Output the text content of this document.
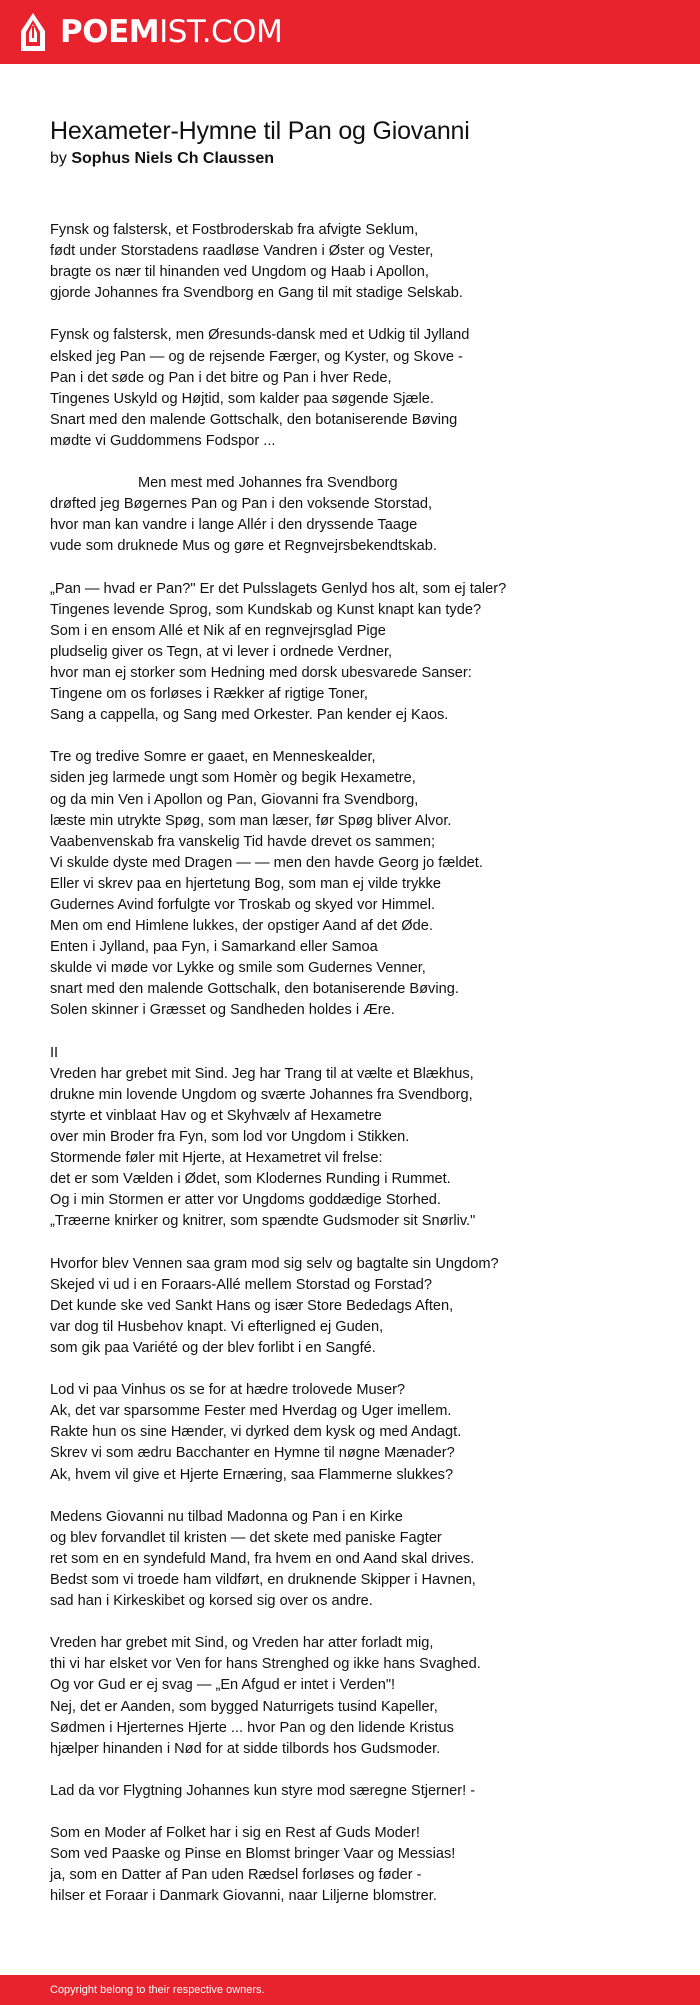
POEMIST.COM
Hexameter-Hymne til Pan og Giovanni
by Sophus Niels Ch Claussen
Fynsk og falstersk, et Fostbroderskab fra afvigte Seklum,
født under Storstadens raadløse Vandren i Øster og Vester,
bragte os nær til hinanden ved Ungdom og Haab i Apollon,
gjorde Johannes fra Svendborg en Gang til mit stadige Selskab.
Fynsk og falstersk, men Øresunds-dansk med et Udkig til Jylland
elsked jeg Pan — og de rejsende Færger, og Kyster, og Skove -
Pan i det søde og Pan i det bitre og Pan i hver Rede,
Tingenes Uskyld og Højtid, som kalder paa søgende Sjæle.
Snart med den malende Gottschalk, den botaniserende Bøving
mødte vi Guddommens Fodspor ...
Men mest med Johannes fra Svendborg
drøfted jeg Bøgernes Pan og Pan i den voksende Storstad,
hvor man kan vandre i lange Allér i den dryssende Taage
vude som druknede Mus og gøre et Regnvejrsbekendtskab.
„Pan — hvad er Pan?" Er det Pulsslagets Genlyd hos alt, som ej taler?
Tingenes levende Sprog, som Kundskab og Kunst knapt kan tyde?
Som i en ensom Allé et Nik af en regnvejrsglad Pige
pludselig giver os Tegn, at vi lever i ordnede Verdner,
hvor man ej storker som Hedning med dorsk ubesvarede Sanser:
Tingene om os forløses i Rækker af rigtige Toner,
Sang a cappella, og Sang med Orkester. Pan kender ej Kaos.
Tre og tredive Somre er gaaet, en Menneskealder,
siden jeg larmede ungt som Homèr og begik Hexametre,
og da min Ven i Apollon og Pan, Giovanni fra Svendborg,
læste min utrykte Spøg, som man læser, før Spøg bliver Alvor.
Vaabenvenskab fra vanskelig Tid havde drevet os sammen;
Vi skulde dyste med Dragen — — men den havde Georg jo fældet.
Eller vi skrev paa en hjertetung Bog, som man ej vilde trykke
Gudernes Avind forfulgte vor Troskab og skyed vor Himmel.
Men om end Himlene lukkes, der opstiger Aand af det Øde.
Enten i Jylland, paa Fyn, i Samarkand eller Samoa
skulde vi møde vor Lykke og smile som Gudernes Venner,
snart med den malende Gottschalk, den botaniserende Bøving.
Solen skinner i Græsset og Sandheden holdes i Ære.
II
Vreden har grebet mit Sind. Jeg har Trang til at vælte et Blækhus,
drukne min lovende Ungdom og sværte Johannes fra Svendborg,
styrte et vinblaat Hav og et Skyhvælv af Hexametre
over min Broder fra Fyn, som lod vor Ungdom i Stikken.
Stormende føler mit Hjerte, at Hexametret vil frelse:
det er som Vælden i Ødet, som Klodernes Runding i Rummet.
Og i min Stormen er atter vor Ungdoms goddædige Storhed.
„Træerne knirker og knitrer, som spændte Gudsmoder sit Snørliv."
Hvorfor blev Vennen saa gram mod sig selv og bagtalte sin Ungdom?
Skejed vi ud i en Foraars-Allé mellem Storstad og Forstad?
Det kunde ske ved Sankt Hans og især Store Bededags Aften,
var dog til Husbehov knapt. Vi efterligned ej Guden,
som gik paa Variété og der blev forlibt i en Sangfé.
Lod vi paa Vinhus os se for at hædre trolovede Muser?
Ak, det var sparsomme Fester med Hverdag og Uger imellem.
Rakte hun os sine Hænder, vi dyrked dem kysk og med Andagt.
Skrev vi som ædru Bacchanter en Hymne til nøgne Mænader?
Ak, hvem vil give et Hjerte Ernæring, saa Flammerne slukkes?
Medens Giovanni nu tilbad Madonna og Pan i en Kirke
og blev forvandlet til kristen — det skete med paniske Fagter
ret som en en syndefuld Mand, fra hvem en ond Aand skal drives.
Bedst som vi troede ham vildført, en druknende Skipper i Havnen,
sad han i Kirkeskibet og korsed sig over os andre.
Vreden har grebet mit Sind, og Vreden har atter forladt mig,
thi vi har elsket vor Ven for hans Strenghed og ikke hans Svaghed.
Og vor Gud er ej svag — „En Afgud er intet i Verden"!
Nej, det er Aanden, som bygged Naturrigets tusind Kapeller,
Sødmen i Hjerternes Hjerte ... hvor Pan og den lidende Kristus
hjælper hinanden i Nød for at sidde tilbords hos Gudsmoder.
Lad da vor Flygtning Johannes kun styre mod særegne Stjerner! -
Som en Moder af Folket har i sig en Rest af Guds Moder!
Som ved Paaske og Pinse en Blomst bringer Vaar og Messias!
ja, som en Datter af Pan uden Rædsel forløses og føder -
hilser et Foraar i Danmark Giovanni, naar Liljerne blomstrer.
Copyright belong to their respective owners.
